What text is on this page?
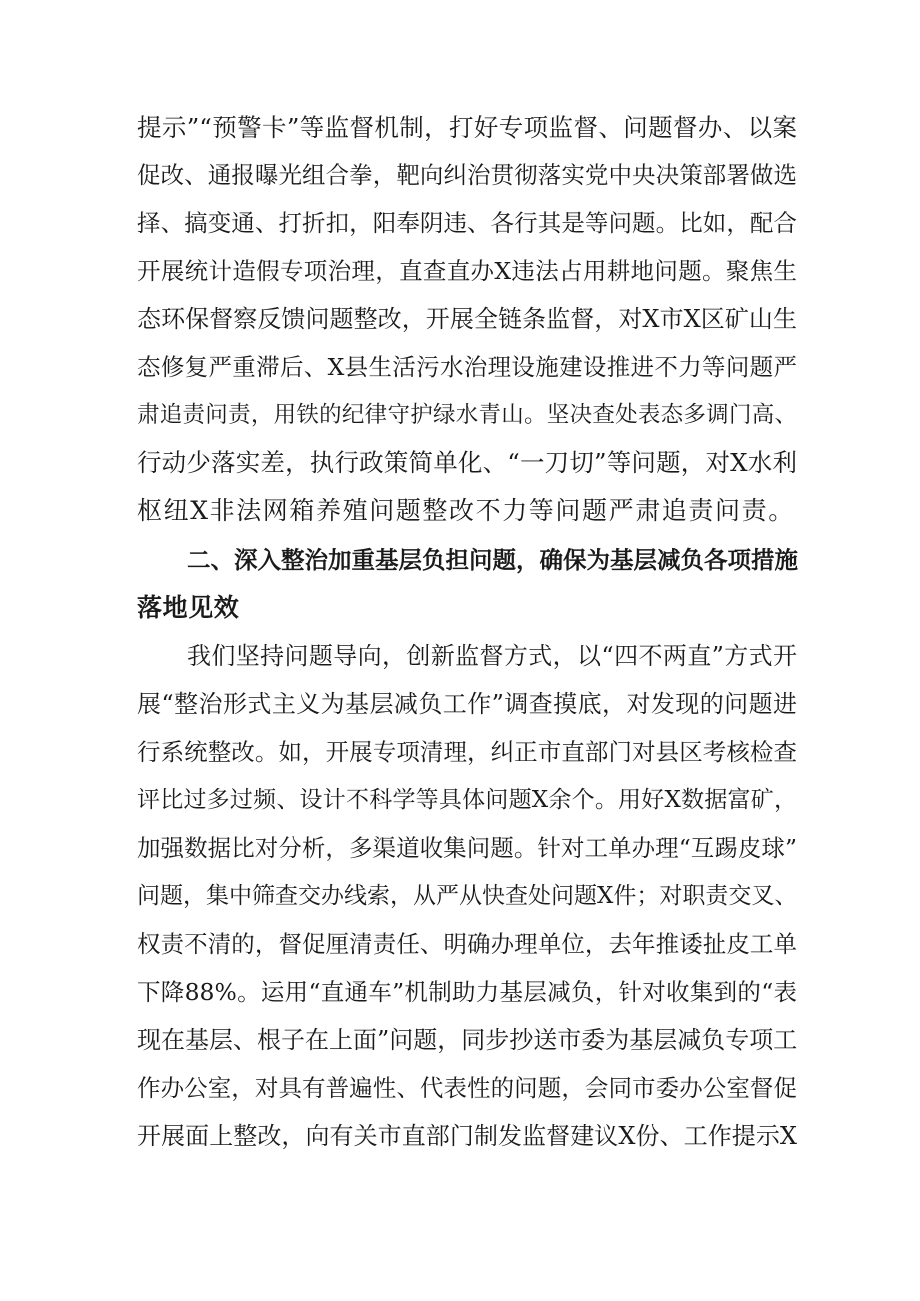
提示”“预警卡”等监督机制，打好专项监督、问题督办、以案
促改、通报曝光组合拳，靶向纠治贯彻落实党中央决策部署做选
择、搞变通、打折扣，阳奉阴违、各行其是等问题。比如，配合
开展统计造假专项治理，直查直办X违法占用耕地问题。聚焦生
态环保督察反馈问题整改，开展全链条监督，对X市X区矿山生
态修复严重滞后、X县生活污水治理设施建设推进不力等问题严
肃追责问责，用铁的纪律守护绿水青山。坚决查处表态多调门高、
行动少落实差，执行政策简单化、“一刀切”等问题，对X水利
枢纽X非法网箱养殖问题整改不力等问题严肃追责问责。
二、深入整治加重基层负担问题，确保为基层减负各项措施
落地见效
我们坚持问题导向，创新监督方式，以“四不两直”方式开
展“整治形式主义为基层减负工作”调查摸底，对发现的问题进
行系统整改。如，开展专项清理，纠正市直部门对县区考核检查
评比过多过频、设计不科学等具体问题X余个。用好X数据富矿，
加强数据比对分析，多渠道收集问题。针对工单办理“互踢皮球”
问题，集中筛查交办线索，从严从快查处问题X件；对职责交叉、
权责不清的，督促厘清责任、明确办理单位，去年推诿扯皮工单
下降88%。运用“直通车”机制助力基层减负，针对收集到的“表
现在基层、根子在上面”问题，同步抄送市委为基层减负专项工
作办公室，对具有普遍性、代表性的问题，会同市委办公室督促
开展面上整改，向有关市直部门制发监督建议X份、工作提示X
